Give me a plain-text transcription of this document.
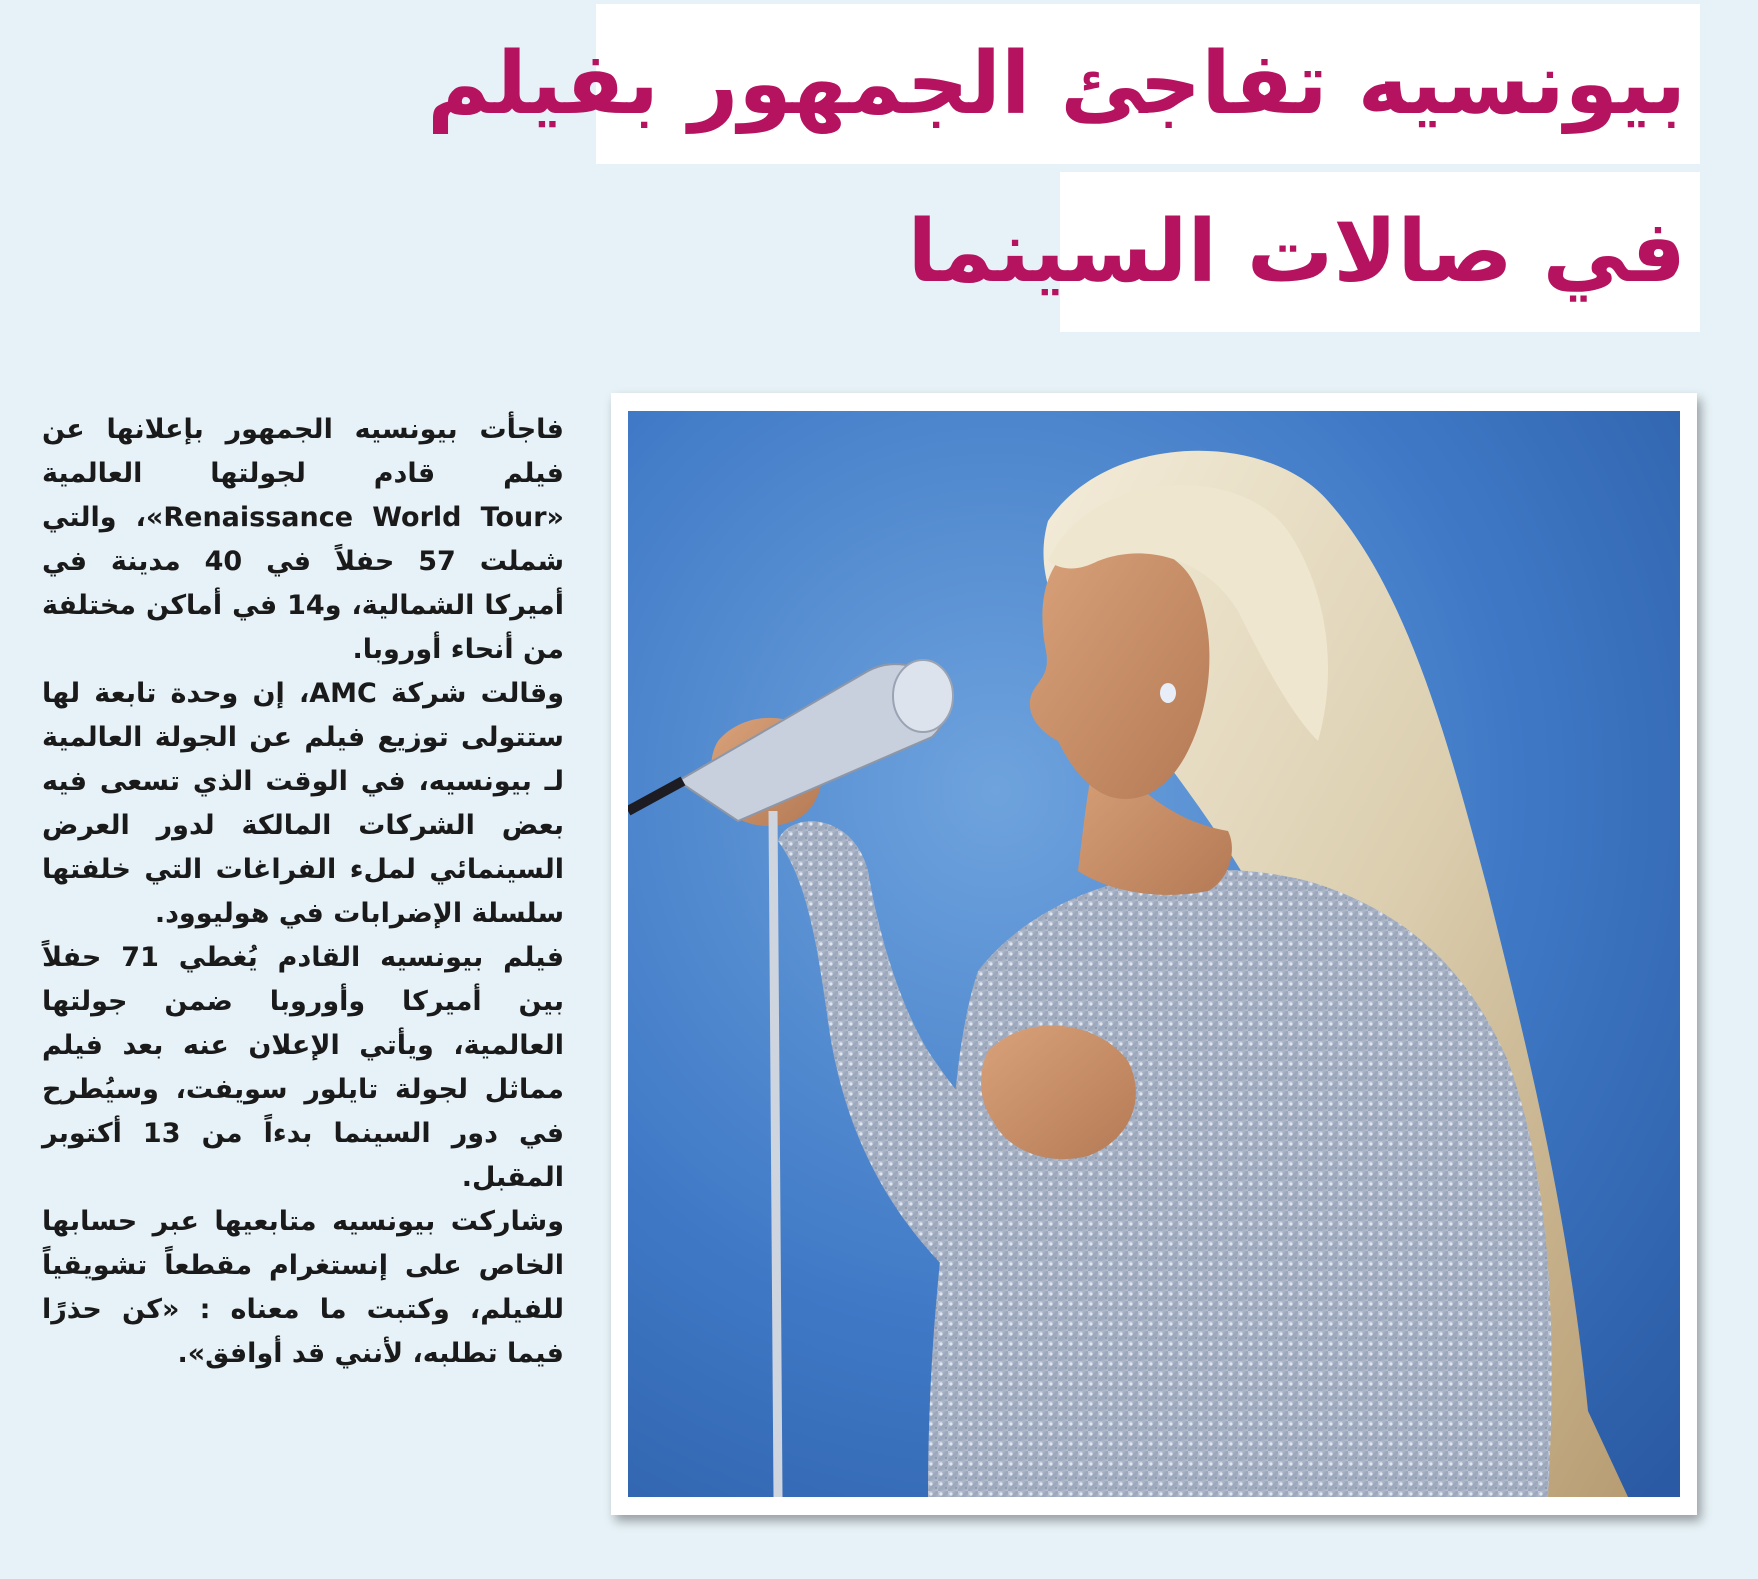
بيونسيه تفاجئ الجمهور بفيلم
في صالات السينما

فاجأت بيونسيه الجمهور بإعلانها عن فيلم قادم لجولتها العالمية «Renaissance World Tour»، والتي شملت 57 حفلاً في 40 مدينة في أميركا الشمالية، و14 في أماكن مختلفة من أنحاء أوروبا.

وقالت شركة AMC، إن وحدة تابعة لها ستتولى توزيع فيلم عن الجولة العالمية لـ بيونسيه، في الوقت الذي تسعى فيه بعض الشركات المالكة لدور العرض السينمائي لملء الفراغات التي خلفتها سلسلة الإضرابات في هوليوود.

فيلم بيونسيه القادم يُغطي 71 حفلاً بين أميركا وأوروبا ضمن جولتها العالمية، ويأتي الإعلان عنه بعد فيلم مماثل لجولة تايلور سويفت، وسيُطرح في دور السينما بدءاً من 13 أكتوبر المقبل.

وشاركت بيونسيه متابعيها عبر حسابها الخاص على إنستغرام مقطعاً تشويقياً للفيلم، وكتبت ما معناه : «كن حذرًا فيما تطلبه، لأنني قد أوافق».
